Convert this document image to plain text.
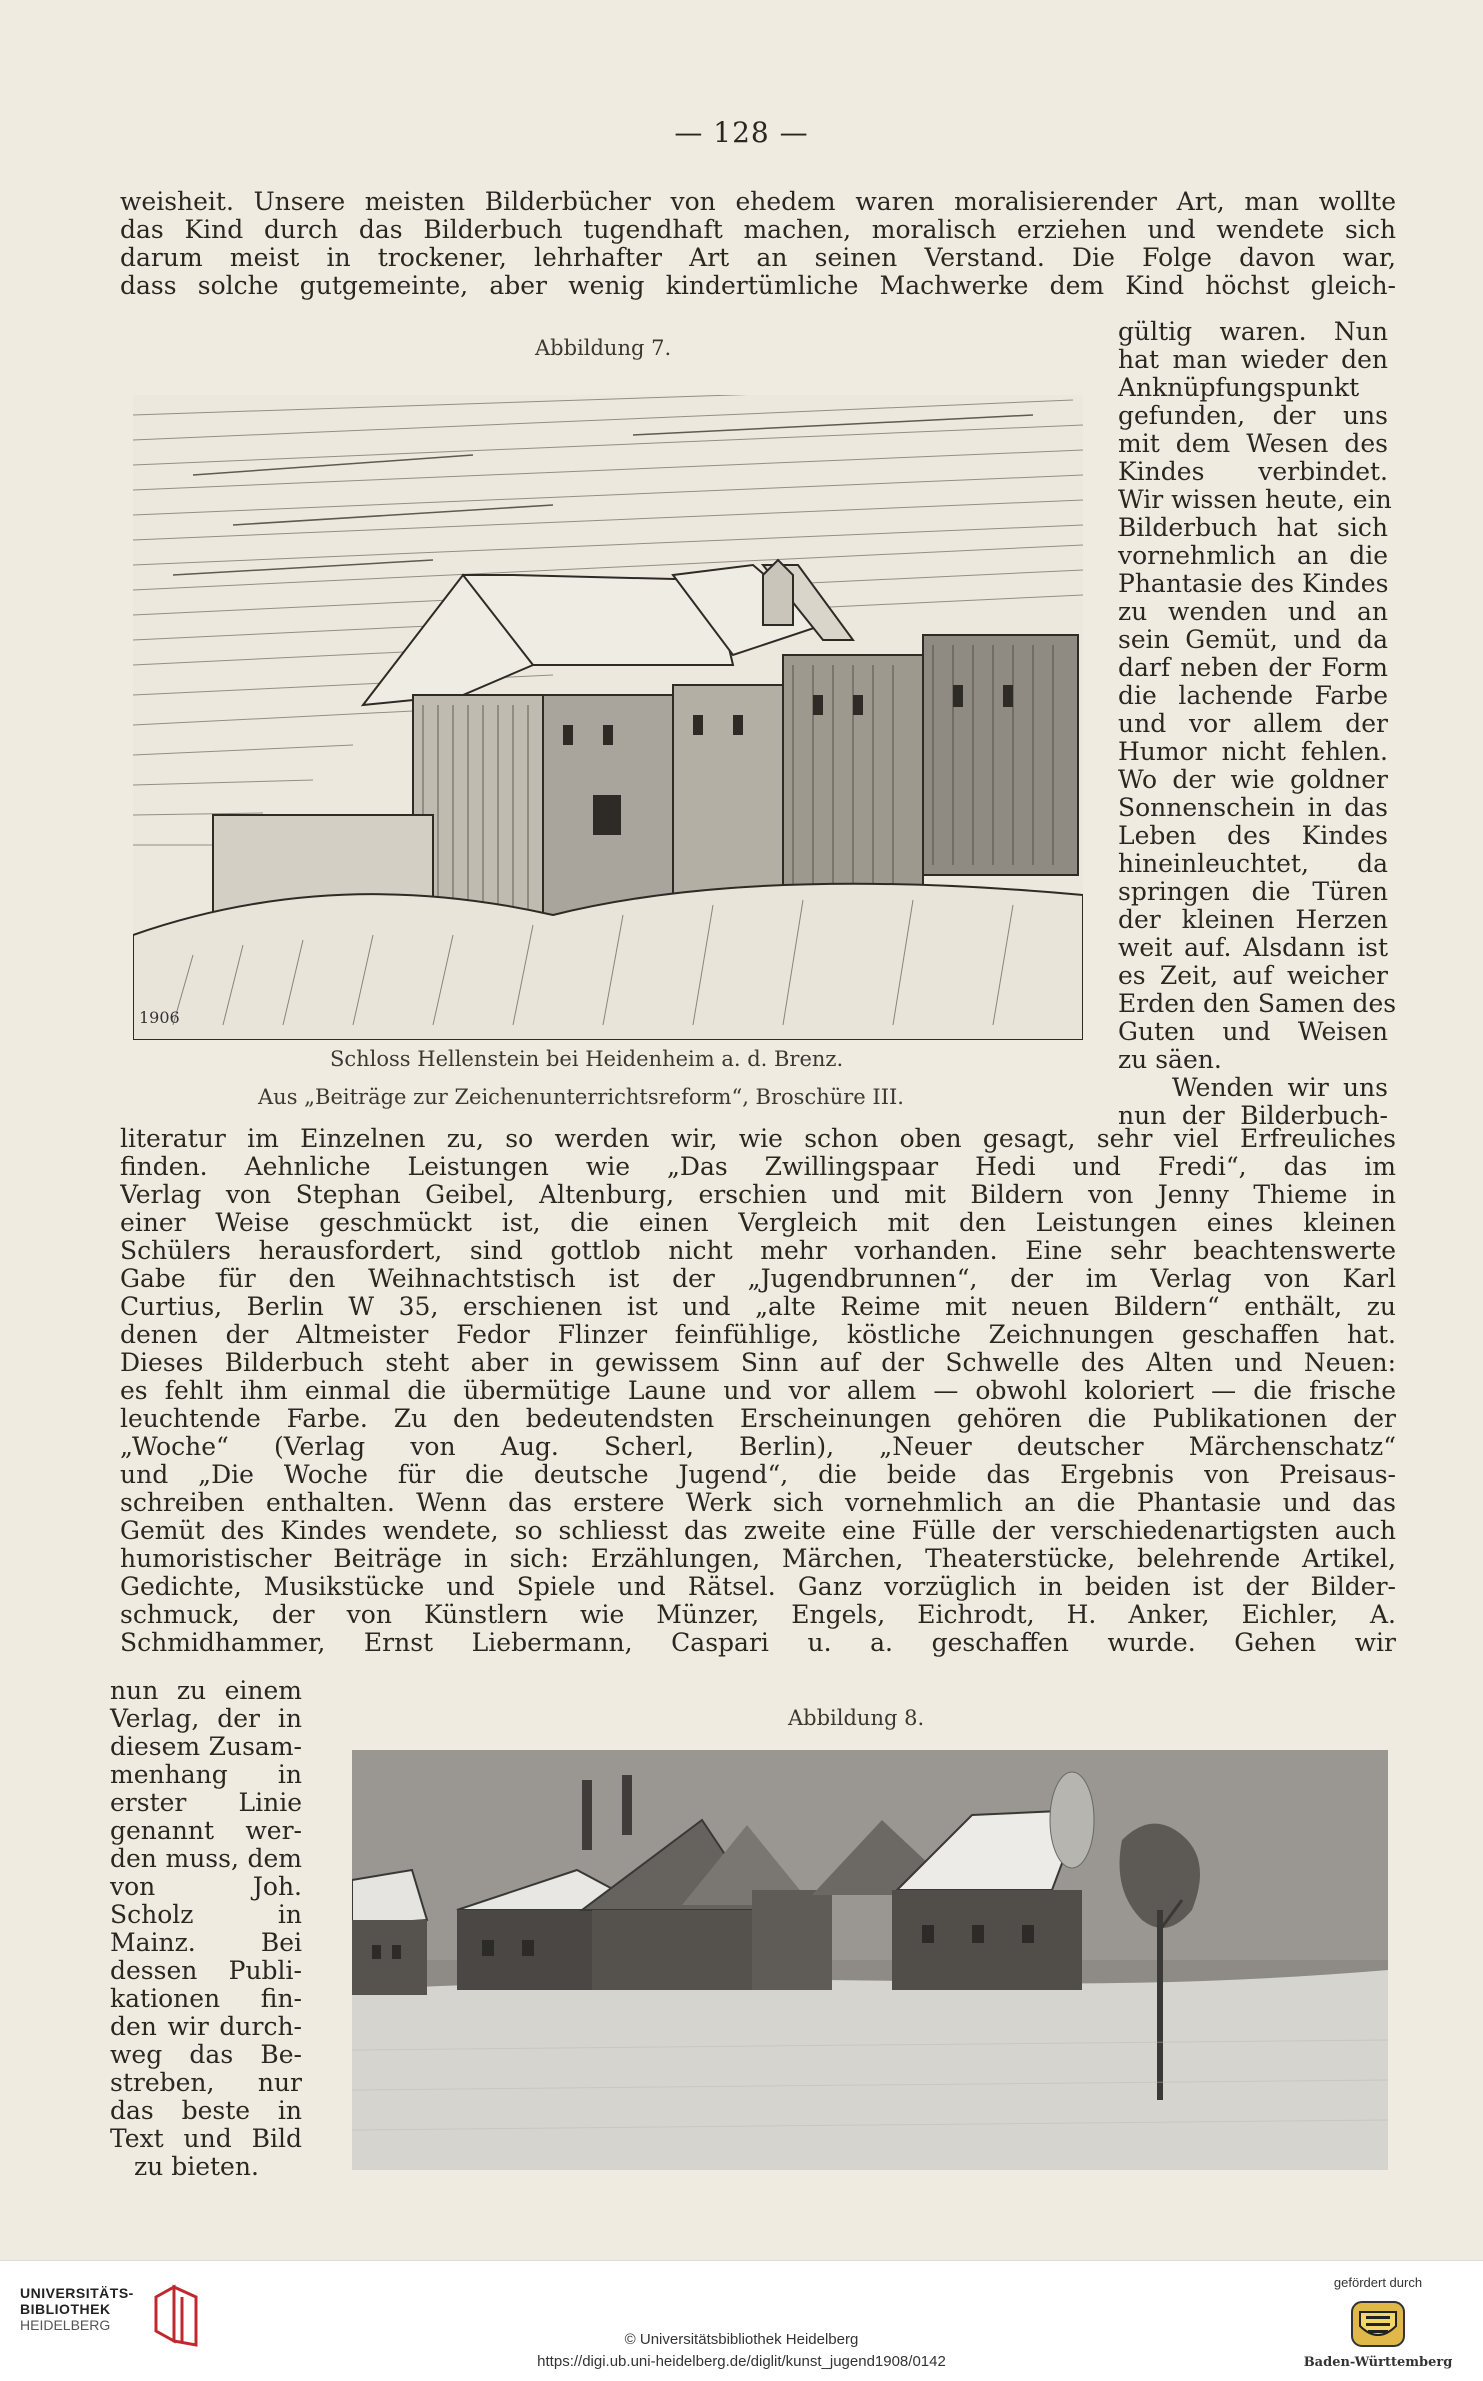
— 128 —
weisheit. Unsere meisten Bilderbücher von ehedem waren moralisierender Art, man wollte
das Kind durch das Bilderbuch tugendhaft machen, moralisch erziehen und wendete sich
darum meist in trockener, lehrhafter Art an seinen Verstand. Die Folge davon war,
dass solche gutgemeinte, aber wenig kindertümliche Machwerke dem Kind höchst gleich-
gültig waren. Nun
hat man wieder den
Anknüpfungspunkt
gefunden, der uns
mit dem Wesen des
Kindes verbindet.
Wir wissen heute, ein
Bilderbuch hat sich
vornehmlich an die
Phantasie des Kindes
zu wenden und an
sein Gemüt, und da
darf neben der Form
die lachende Farbe
und vor allem der
Humor nicht fehlen.
Wo der wie goldner
Sonnenschein in das
Leben des Kindes
hineinleuchtet, da
springen die Türen
der kleinen Herzen
weit auf. Alsdann ist
es Zeit, auf weicher
Erden den Samen des
Guten und Weisen
zu säen.
Wenden wir uns
nun der Bilderbuch-
Abbildung 7.
1906
Schloss Hellenstein bei Heidenheim a. d. Brenz.
Aus „Beiträge zur Zeichenunterrichtsreform“, Broschüre III.
literatur im Einzelnen zu, so werden wir, wie schon oben gesagt, sehr viel Erfreuliches
finden. Aehnliche Leistungen wie „Das Zwillingspaar Hedi und Fredi“, das im
Verlag von Stephan Geibel, Altenburg, erschien und mit Bildern von Jenny Thieme in
einer Weise geschmückt ist, die einen Vergleich mit den Leistungen eines kleinen
Schülers herausfordert, sind gottlob nicht mehr vorhanden. Eine sehr beachtenswerte
Gabe für den Weihnachtstisch ist der „Jugendbrunnen“, der im Verlag von Karl
Curtius, Berlin W 35, erschienen ist und „alte Reime mit neuen Bildern“ enthält, zu
denen der Altmeister Fedor Flinzer feinfühlige, köstliche Zeichnungen geschaffen hat.
Dieses Bilderbuch steht aber in gewissem Sinn auf der Schwelle des Alten und Neuen:
es fehlt ihm einmal die übermütige Laune und vor allem — obwohl koloriert — die frische
leuchtende Farbe. Zu den bedeutendsten Erscheinungen gehören die Publikationen der
„Woche“ (Verlag von Aug. Scherl, Berlin), „Neuer deutscher Märchenschatz“
und „Die Woche für die deutsche Jugend“, die beide das Ergebnis von Preisaus-
schreiben enthalten. Wenn das erstere Werk sich vornehmlich an die Phantasie und das
Gemüt des Kindes wendete, so schliesst das zweite eine Fülle der verschiedenartigsten auch
humoristischer Beiträge in sich: Erzählungen, Märchen, Theaterstücke, belehrende Artikel,
Gedichte, Musikstücke und Spiele und Rätsel. Ganz vorzüglich in beiden ist der Bilder-
schmuck, der von Künstlern wie Münzer, Engels, Eichrodt, H. Anker, Eichler, A.
Schmidhammer, Ernst Liebermann, Caspari u. a. geschaffen wurde. Gehen wir
nun zu einem
Verlag, der in
diesem Zusam-
menhang in
erster Linie
genannt wer-
den muss, dem
von Joh.
Scholz in
Mainz. Bei
dessen Publi-
kationen fin-
den wir durch-
weg das Be-
streben, nur
das beste in
Text und Bild
zu bieten.
Abbildung 8.
UNIVERSITÄTS-
BIBLIOTHEK
HEIDELBERG
© Universitätsbibliothek Heidelberg
https://digi.ub.uni-heidelberg.de/diglit/kunst_jugend1908/0142
gefördert durch
Baden-Württemberg
